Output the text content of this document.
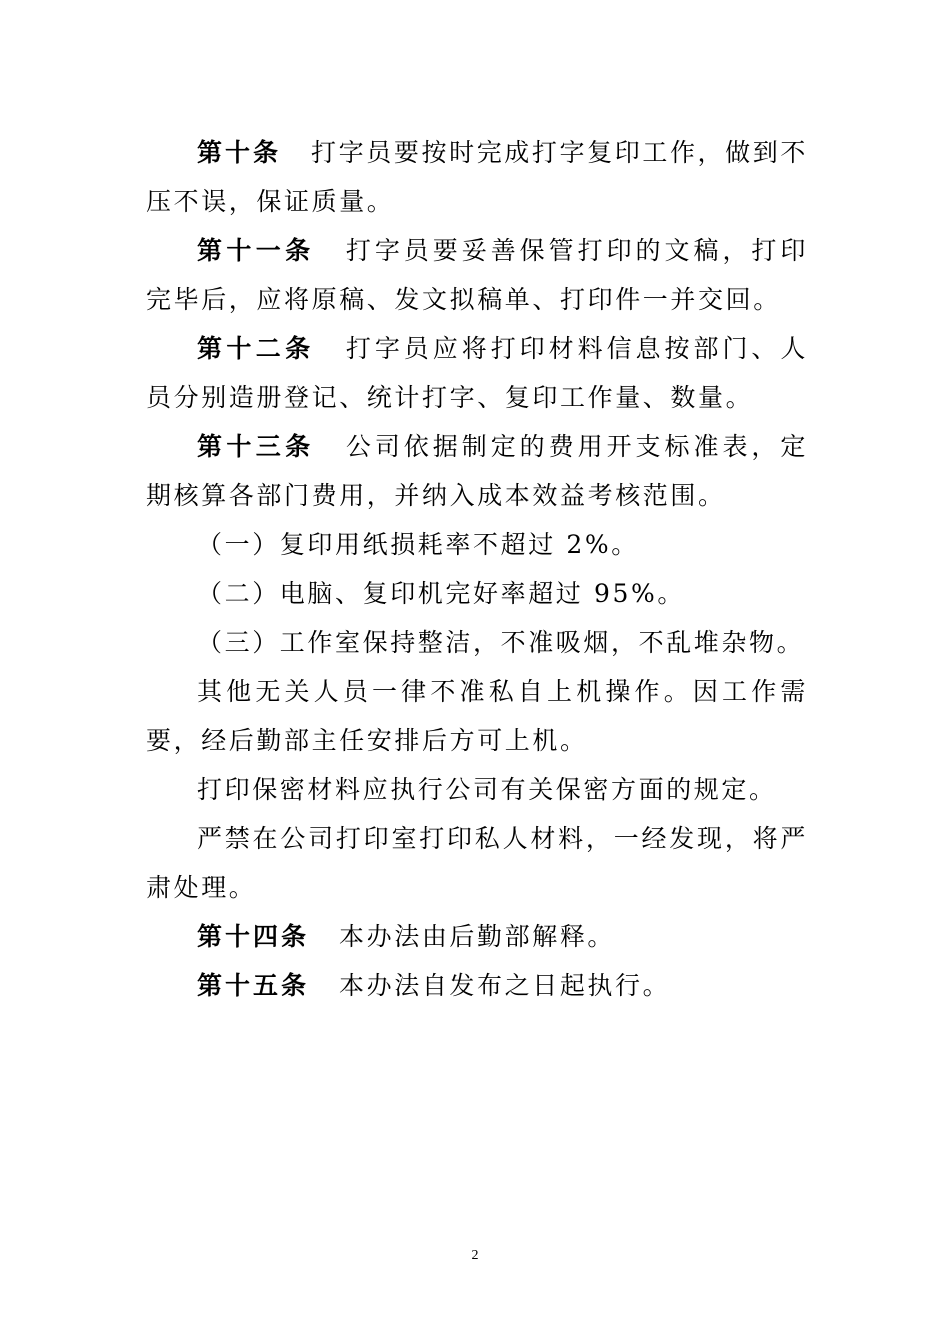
第十条 打字员要按时完成打字复印工作，做到不压不误，保证质量。

第十一条 打字员要妥善保管打印的文稿，打印完毕后，应将原稿、发文拟稿单、打印件一并交回。

第十二条 打字员应将打印材料信息按部门、人员分别造册登记、统计打字、复印工作量、数量。

第十三条 公司依据制定的费用开支标准表，定期核算各部门费用，并纳入成本效益考核范围。

（一）复印用纸损耗率不超过 2%。

（二）电脑、复印机完好率超过 95%。

（三）工作室保持整洁，不准吸烟，不乱堆杂物。

其他无关人员一律不准私自上机操作。因工作需要，经后勤部主任安排后方可上机。

打印保密材料应执行公司有关保密方面的规定。

严禁在公司打印室打印私人材料，一经发现，将严肃处理。

第十四条 本办法由后勤部解释。

第十五条 本办法自发布之日起执行。

2
